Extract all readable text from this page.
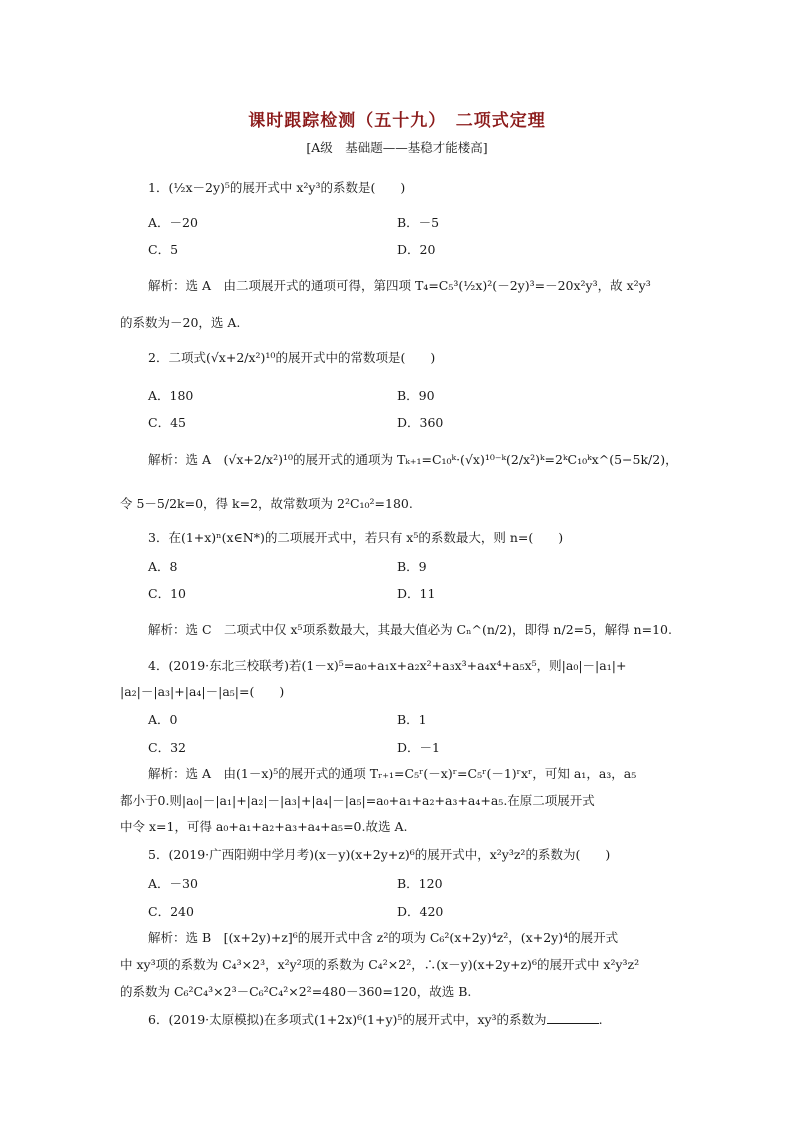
课时跟踪检测（五十九）　二项式定理
[A级　基础题——基稳才能楼高]
1．(½x－2y)⁵的展开式中 x²y³的系数是(　　)
A．－20	B．－5
C．5	D．20
解析：选 A　由二项展开式的通项可得，第四项 T₄=C₅³(½x)²(－2y)³=－20x²y³，故 x²y³
的系数为－20，选 A.
2．二项式(√x+2/x²)¹⁰的展开式中的常数项是(　　)
A．180	B．90
C．45	D．360
解析：选 A　(√x+2/x²)¹⁰的展开式的通项为 Tₖ₊₁=C₁₀ᵏ·(√x)¹⁰⁻ᵏ(2/x²)ᵏ=2ᵏC₁₀ᵏx^(5−5k/2)，
令 5－5/2k=0，得 k=2，故常数项为 2²C₁₀²=180.
3．在(1+x)ⁿ(x∈N*)的二项展开式中，若只有 x⁵的系数最大，则 n=(　　)
A．8	B．9
C．10	D．11
解析：选 C　二项式中仅 x⁵项系数最大，其最大值必为 Cₙ^(n/2)，即得 n/2=5，解得 n=10.
4．(2019·东北三校联考)若(1－x)⁵=a₀+a₁x+a₂x²+a₃x³+a₄x⁴+a₅x⁵，则|a₀|－|a₁|+
|a₂|－|a₃|+|a₄|－|a₅|=(　　)
A．0	B．1
C．32	D．－1
解析：选 A　由(1－x)⁵的展开式的通项 Tᵣ₊₁=C₅ʳ(－x)ʳ=C₅ʳ(－1)ʳxʳ，可知 a₁，a₃，a₅
都小于0.则|a₀|－|a₁|+|a₂|－|a₃|+|a₄|－|a₅|=a₀+a₁+a₂+a₃+a₄+a₅.在原二项展开式
中令 x=1，可得 a₀+a₁+a₂+a₃+a₄+a₅=0.故选 A.
5．(2019·广西阳朔中学月考)(x－y)(x+2y+z)⁶的展开式中，x²y³z²的系数为(　　)
A．－30	B．120
C．240	D．420
解析：选 B　[(x+2y)+z]⁶的展开式中含 z²的项为 C₆²(x+2y)⁴z²，(x+2y)⁴的展开式
中 xy³项的系数为 C₄³×2³，x²y²项的系数为 C₄²×2²，∴(x－y)(x+2y+z)⁶的展开式中 x²y³z²
的系数为 C₆²C₄³×2³－C₆²C₄²×2²=480－360=120，故选 B.
6．(2019·太原模拟)在多项式(1+2x)⁶(1+y)⁵的展开式中，xy³的系数为	.
